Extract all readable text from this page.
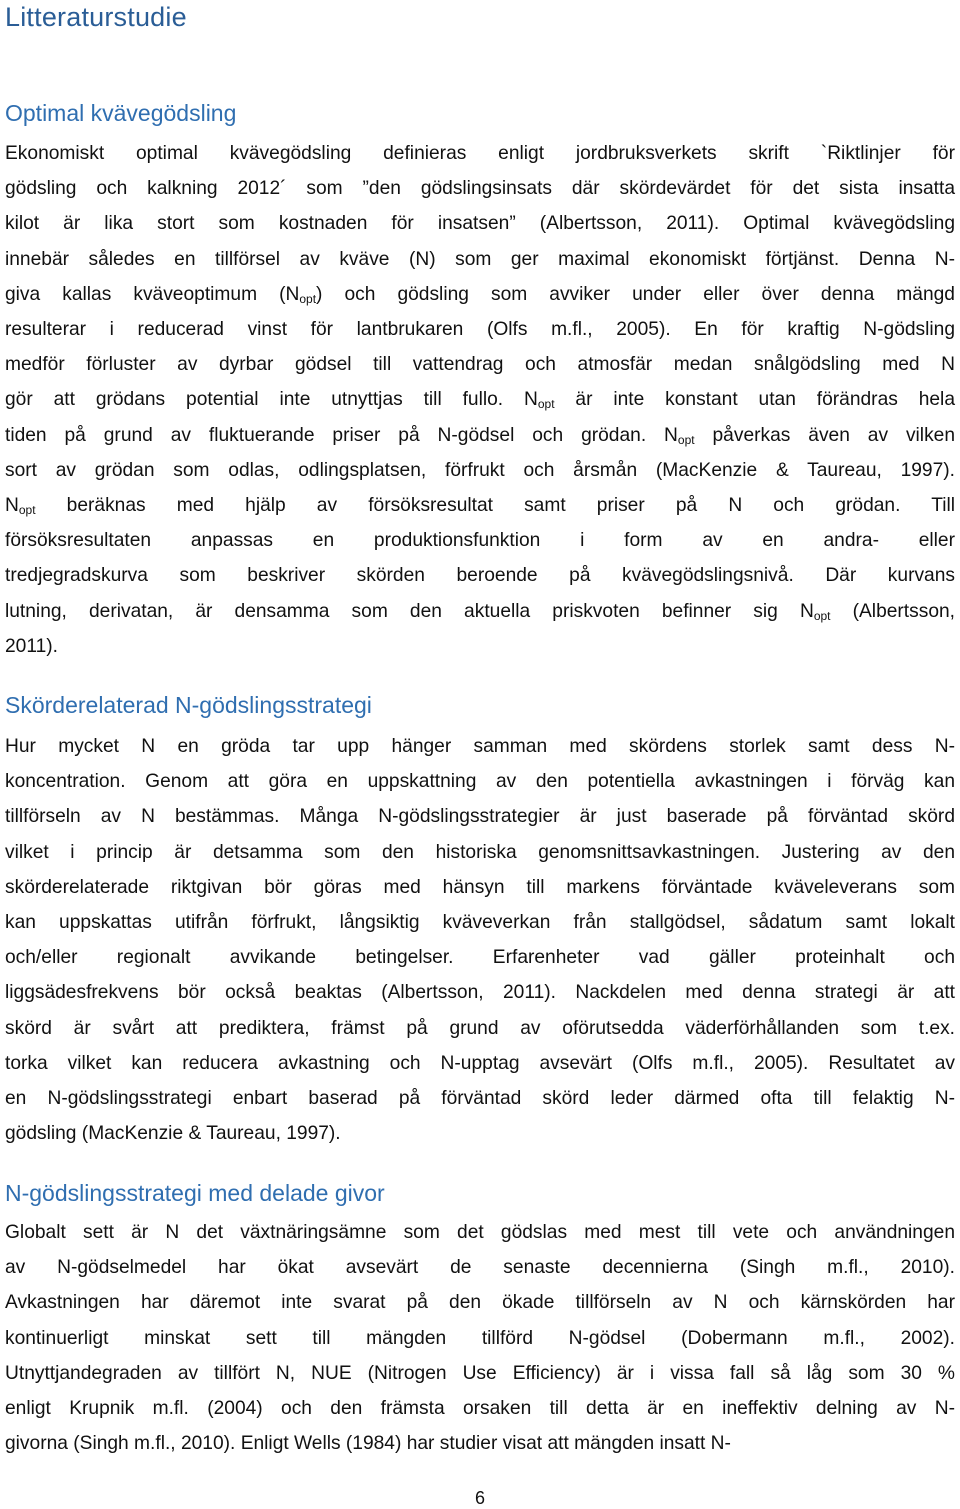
Litteraturstudie
Optimal kvävegödsling
Ekonomiskt optimal kvävegödsling definieras enligt jordbruksverkets skrift `Riktlinjer för
gödsling och kalkning 2012´ som ”den gödslingsinsats där skördevärdet för det sista insatta
kilot är lika stort som kostnaden för insatsen” (Albertsson, 2011). Optimal kvävegödsling
innebär således en tillförsel av kväve (N) som ger maximal ekonomiskt förtjänst. Denna N-
giva kallas kväveoptimum $(N_{opt})$ och gödsling som avviker under eller över denna mängd
resulterar i reducerad vinst för lantbrukaren (Olfs m.fl., 2005). En för kraftig N-gödsling
medför förluster av dyrbar gödsel till vattendrag och atmosfär medan snålgödsling med N
gör att grödans potential inte utnyttjas till fullo. $N_{opt}$ är inte konstant utan förändras hela
tiden på grund av fluktuerande priser på N-gödsel och grödan. $N_{opt}$ påverkas även av vilken
sort av grödan som odlas, odlingsplatsen, förfrukt och årsmån (MacKenzie & Taureau, 1997).
$N_{opt}$ beräknas med hjälp av försöksresultat samt priser på N och grödan. Till
försöksresultaten anpassas en produktionsfunktion i form av en andra- eller
tredjegradskurva som beskriver skörden beroende på kvävegödslingsnivå. Där kurvans
lutning, derivatan, är densamma som den aktuella priskvoten befinner sig $N_{opt}$ (Albertsson,
2011).
Skörderelaterad N-gödslingsstrategi
Hur mycket N en gröda tar upp hänger samman med skördens storlek samt dess N-
koncentration. Genom att göra en uppskattning av den potentiella avkastningen i förväg kan
tillförseln av N bestämmas. Många N-gödslingsstrategier är just baserade på förväntad skörd
vilket i princip är detsamma som den historiska genomsnittsavkastningen. Justering av den
skörderelaterade riktgivan bör göras med hänsyn till markens förväntade kväveleverans som
kan uppskattas utifrån förfrukt, långsiktig kväveverkan från stallgödsel, sådatum samt lokalt
och/eller regionalt avvikande betingelser. Erfarenheter vad gäller proteinhalt och
liggsädesfrekvens bör också beaktas (Albertsson, 2011). Nackdelen med denna strategi är att
skörd är svårt att prediktera, främst på grund av oförutsedda väderförhållanden som t.ex.
torka vilket kan reducera avkastning och N-upptag avsevärt (Olfs m.fl., 2005). Resultatet av
en N-gödslingsstrategi enbart baserad på förväntad skörd leder därmed ofta till felaktig N-
gödsling (MacKenzie & Taureau, 1997).
N-gödslingsstrategi med delade givor
Globalt sett är N det växtnäringsämne som det gödslas med mest till vete och användningen
av N-gödselmedel har ökat avsevärt de senaste decennierna (Singh m.fl., 2010).
Avkastningen har däremot inte svarat på den ökade tillförseln av N och kärnskörden har
kontinuerligt minskat sett till mängden tillförd N-gödsel (Dobermann m.fl., 2002).
Utnyttjandegraden av tillfört N, NUE (Nitrogen Use Efficiency) är i vissa fall så låg som 30 %
enligt Krupnik m.fl. (2004) och den främsta orsaken till detta är en ineffektiv delning av N-
givorna (Singh m.fl., 2010). Enligt Wells (1984) har studier visat att mängden insatt N-
6
